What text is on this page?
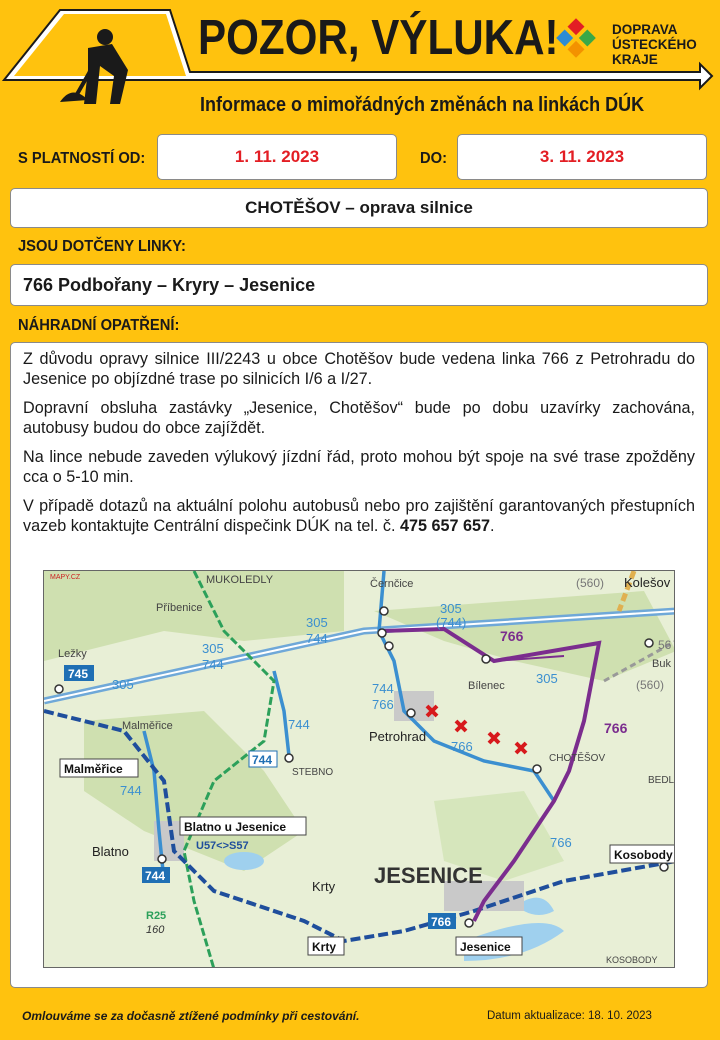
POZOR, VÝLUKA!
Informace o mimořádných změnách na linkách DÚK
DOPRAVA
ÚSTECKÉHO
KRAJE
S PLATNOSTÍ OD:	1. 11. 2023	DO:	3. 11. 2023
CHOTĚŠOV
– oprava silnice
JSOU DOTČENY LINKY:
766 Podbořany – Kryry – Jesenice
NÁHRADNÍ OPATŘENÍ:

Z důvodu opravy silnice III/2243 u obce Chotěšov bude vedena linka 766 z Petrohradu do Jesenice po objízdné trase po silnicích I/6 a I/27.

Dopravní obsluha zastávky „Jesenice, Chotěšov“ bude po dobu uzavírky zachována, autobusy budou do obce zajíždět.

Na lince nebude zaveden výlukový jízdní řád, proto mohou být spoje na své trase zpožděny cca o 5-10 min.

V případě dotazů na aktuální polohu autobusů nebo pro zajištění garantovaných přestupních vazeb kontaktujte Centrální dispečink DÚK na tel. č. 475 657 657.

MUKOLEDLY	Černčice	Kolešov
Příbenice
Ležky
Bílenec
Buk
Malměřice
Petrohrad
CHOTĚŠOV
BEDL
STEBNO
Blatno
Krty JESENICE
KOSOBODY
MAPY.CZ
305
744
305
744
305
305
(744)
305
744
766
766
744
744
766
766
766
(560)
(560)
56
U57<>S57
R25
160
745
744
744
766
Malměřice
Blatno u Jesenice
Krty	Jesenice
Kosobody
Omlouváme se za dočasně ztížené podmínky při cestování.	Datum aktualizace: 18. 10. 2023
